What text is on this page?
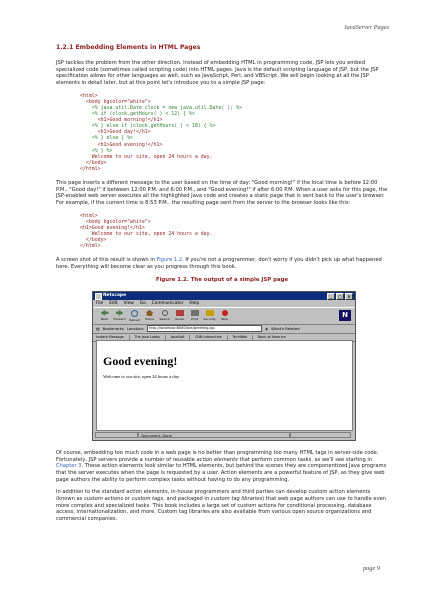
JavaServer Pages
1.2.1 Embedding Elements in HTML Pages

JSP tackles the problem from the other direction. Instead of embedding HTML in programming code, JSP lets you embed specialized code (sometimes called scripting code) into HTML pages. Java is the default scripting language of JSP, but the JSP specification allows for other languages as well, such as JavaScript, Perl, and VBScript. We will begin looking at all the JSP elements in detail later, but at this point let's introduce you to a simple JSP page:

<html>
<body bgcolor="white">
<% java.util.Date clock = new java.util.Date( ); %>
<% if (clock.getHours( ) < 12) { %>
<h1>Good morning!</h1>
<% } else if (clock.getHours( ) < 18) { %>
<h1>Good day!</h1>
<% } else { %>
<h1>Good evening!</h1>
<% } %>
Welcome to our site, open 24 hours a day.
</body>
</html>

This page inserts a different message to the user based on the time of day: "Good morning!" if the local time is before 12:00 P.M., "Good day!" if between 12:00 P.M. and 6:00 P.M., and "Good evening!" if after 6:00 P.M. When a user asks for this page, the JSP-enabled web server executes all the highlighted Java code and creates a static page that is sent back to the user's browser. For example, if the current time is 8:53 P.M., the resulting page sent from the server to the browser looks like this:

<html>
<body bgcolor="white">
<h1>Good evening!</h1>
Welcome to our site, open 24 hours a day.
</body>
</html>

A screen shot of this result is shown in Figure 1.2. If you're not a programmer, don't worry if you didn't pick up what happened here. Everything will become clear as you progress through this book.

Figure 1.2. The output of a simple JSP page
Netscape	_	□	×
File Edit View Go Communicator Help
Back Forward Reload Home Search Guide Print Security Stop	N
▤ Bookmarks Location:	http://localhost:8080/ora/greeting.jsp	◈ What's Related
Instant Message	The Java Lobby	JavaSoft	CNN Interactive	TechWeb	Bank of America
Good evening!
Welcome to our site, open 24 hours a day.
Document: Done

Of course, embedding too much code in a web page is no better than programming too many HTML tags in server-side code. Fortunately, JSP servers provide a number of reusable action elements that perform common tasks, as we'll see starting in Chapter 3. These action elements look similar to HTML elements, but behind the scenes they are componentized Java programs that the server executes when the page is requested by a user. Action elements are a powerful feature of JSP, as they give web page authors the ability to perform complex tasks without having to do any programming.

In addition to the standard action elements, in-house programmers and third parties can develop custom action elements (known as custom actions or custom tags, and packaged in custom tag libraries) that web page authors can use to handle even more complex and specialized tasks. This book includes a large set of custom actions for conditional processing, database access, internationalization, and more. Custom tag libraries are also available from various open source organizations and commercial companies.

page 9
